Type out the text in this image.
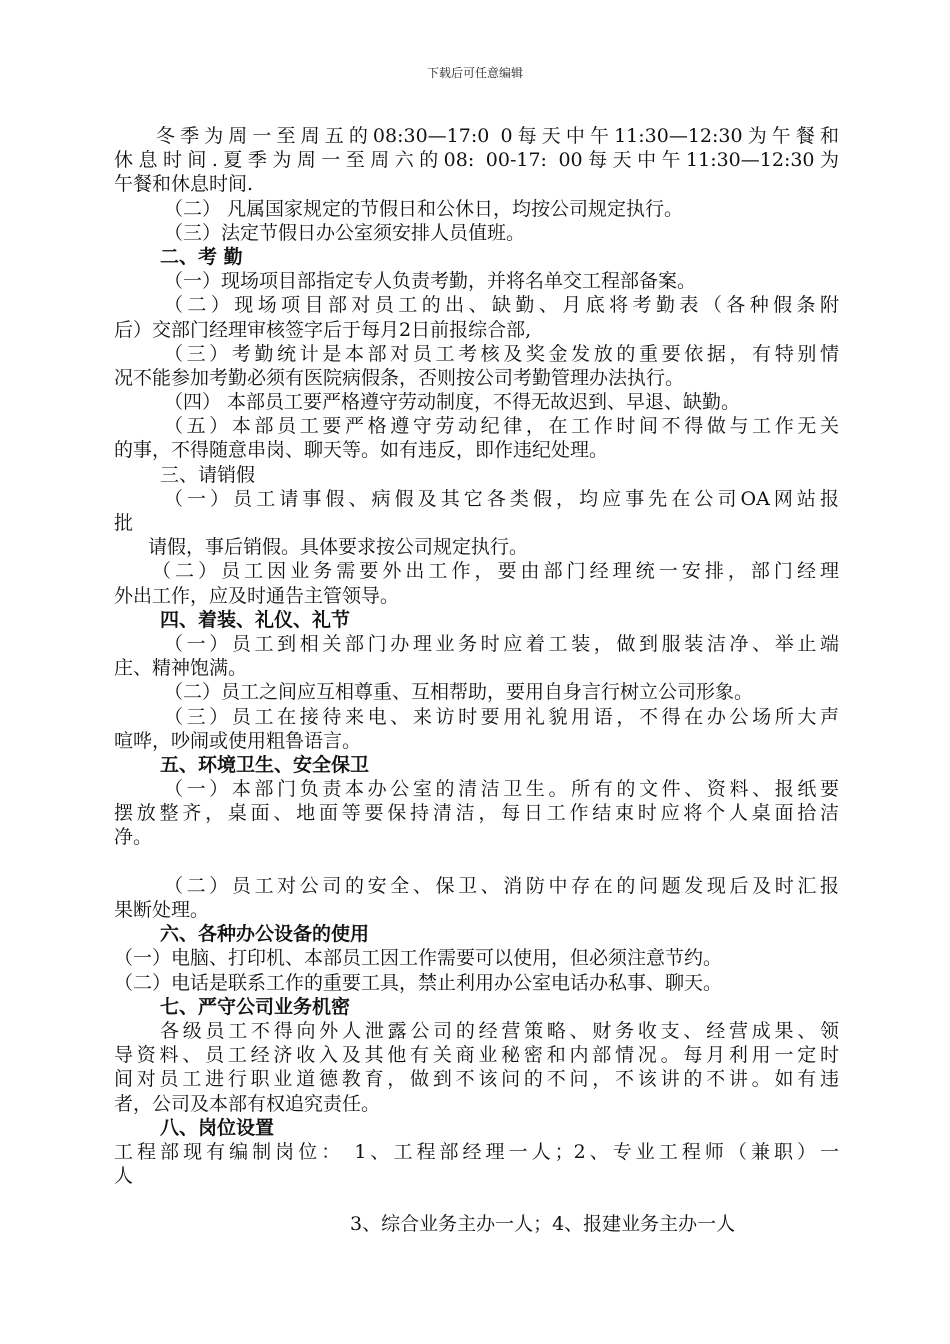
下载后可任意编辑
冬季为周一至周五的08:30—17:0 0每天中午11:30—12:30为午餐和
休息时间.夏季为周一至周六的08: 00-17: 00每天中午11:30—12:30为
午餐和休息时间.
（二） 凡属国家规定的节假日和公休日，均按公司规定执行。
（三）法定节假日办公室须安排人员值班。
二、考 勤
（一）现场项目部指定专人负责考勤，并将名单交工程部备案。
（二）现场项目部对员工的出、缺勤、月底将考勤表（各种假条附
后）交部门经理审核签字后于每月2日前报综合部,
（三）考勤统计是本部对员工考核及奖金发放的重要依据，有特别情
况不能参加考勤必须有医院病假条，否则按公司考勤管理办法执行。
（四） 本部员工要严格遵守劳动制度，不得无故迟到、早退、缺勤。
（五）本部员工要严格遵守劳动纪律，在工作时间不得做与工作无关
的事，不得随意串岗、聊天等。如有违反，即作违纪处理。
三、请销假
（一）员工请事假、病假及其它各类假，均应事先在公司OA网站报
批
请假，事后销假。具体要求按公司规定执行。
（二）员工因业务需要外出工作，要由部门经理统一安排，部门经理
外出工作，应及时通告主管领导。
四、着装、礼仪、礼节
（一）员工到相关部门办理业务时应着工装，做到服装洁净、举止端
庄、精神饱满。
（二）员工之间应互相尊重、互相帮助，要用自身言行树立公司形象。
（三）员工在接待来电、来访时要用礼貌用语，不得在办公场所大声
喧哗，吵闹或使用粗鲁语言。
五、环境卫生、安全保卫
（一）本部门负责本办公室的清洁卫生。所有的文件、资料、报纸要
摆放整齐，桌面、地面等要保持清洁，每日工作结束时应将个人桌面拾洁
净。
（二）员工对公司的安全、保卫、消防中存在的问题发现后及时汇报
果断处理。
六、各种办公设备的使用
（一）电脑、打印机、本部员工因工作需要可以使用，但必须注意节约。
（二）电话是联系工作的重要工具，禁止利用办公室电话办私事、聊天。
七、严守公司业务机密
各级员工不得向外人泄露公司的经营策略、财务收支、经营成果、领
导资料、员工经济收入及其他有关商业秘密和内部情况。每月利用一定时
间对员工进行职业道德教育，做到不该问的不问，不该讲的不讲。如有违
者，公司及本部有权追究责任。
八、岗位设置
工程部现有编制岗位： 1、工程部经理一人；2、专业工程师（兼职）一
人
3、综合业务主办一人；4、报建业务主办一人
